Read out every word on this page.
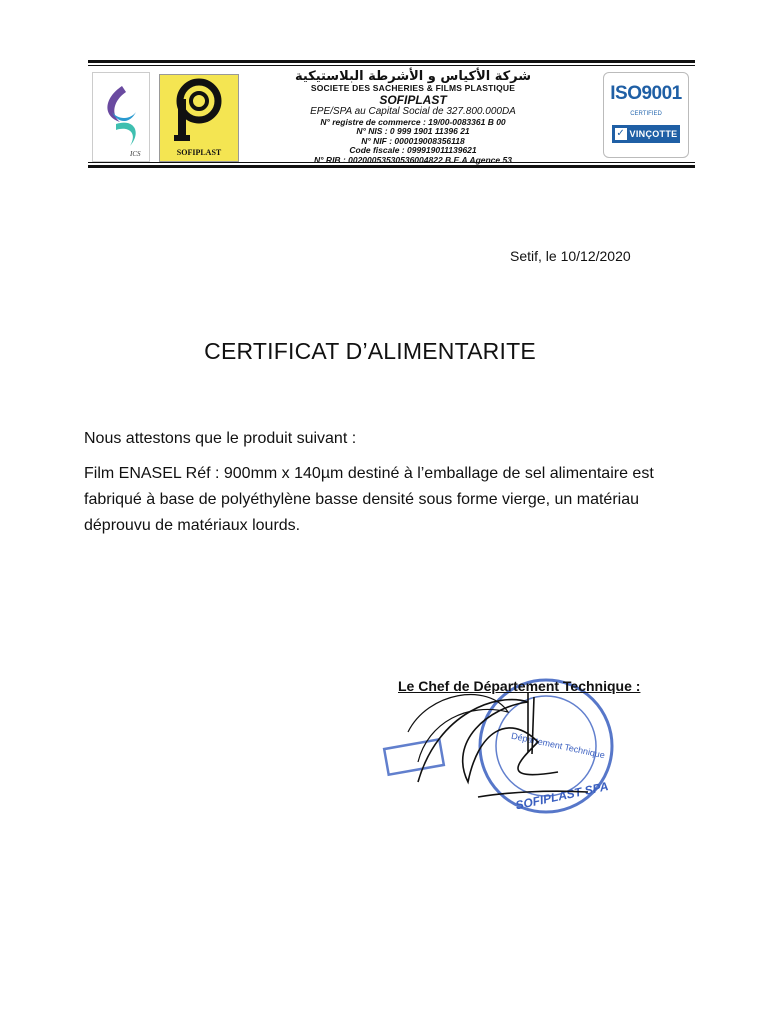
ICS	SOFIPLAST
شركة الأكياس و الأشرطة البلاستيكية
SOCIETE DES SACHERIES & FILMS PLASTIQUE
SOFIPLAST
EPE/SPA au Capital Social de 327.800.000DA
N° registre de commerce : 19/00-0083361 B 00
N° NIS : 0 999 1901 11396 21
N° NIF : 000019008356118
Code fiscale : 099919011139621
N° RIB : 00200053530536004822 B.E.A Agence 53
ISO9001
CERTIFIED
✓ VINÇOTTE
Setif, le 10/12/2020
CERTIFICAT D’ALIMENTARITE
Nous attestons que le produit suivant :
Film ENASEL Réf : 900mm x 140µm destiné à l’emballage de sel alimentaire est fabriqué à base de polyéthylène basse densité sous forme vierge, un matériau déprouvu de matériaux lourds.
Département Technique
SOFIPLAST SPA
Le Chef de Département Technique :
